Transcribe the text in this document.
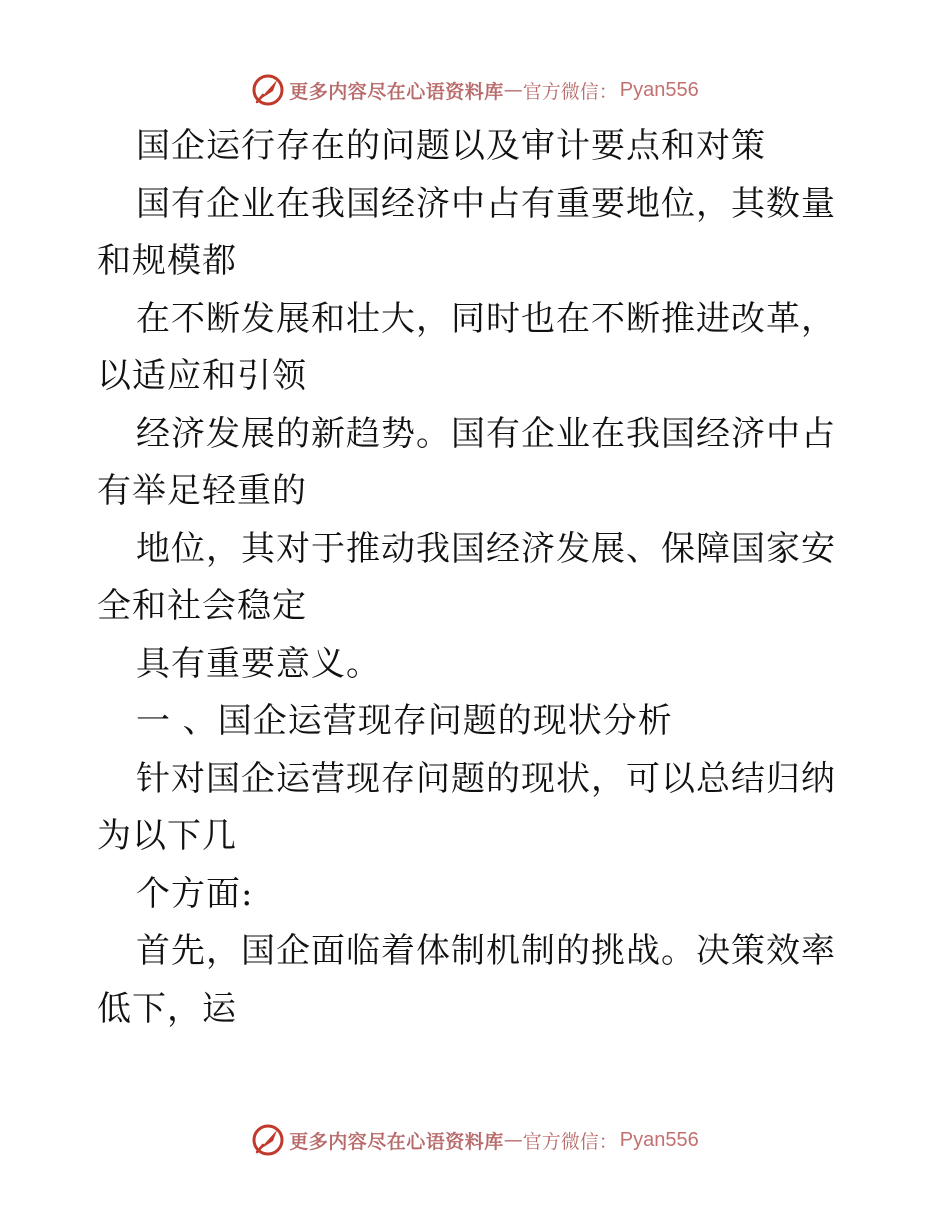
更多内容尽在心语资料库 — 官方微信： Pyan556

国企运行存在的问题以及审计要点和对策

国有企业在我国经济中占有重要地位，其数量和规模都

在不断发展和壮大，同时也在不断推进改革，以适应和引领

经济发展的新趋势。国有企业在我国经济中占有举足轻重的

地位，其对于推动我国经济发展、保障国家安全和社会稳定

具有重要意义。

一 、国企运营现存问题的现状分析

针对国企运营现存问题的现状，可以总结归纳为以下几

个方面:

首先，国企面临着体制机制的挑战。决策效率低下，运

更多内容尽在心语资料库 — 官方微信： Pyan556
